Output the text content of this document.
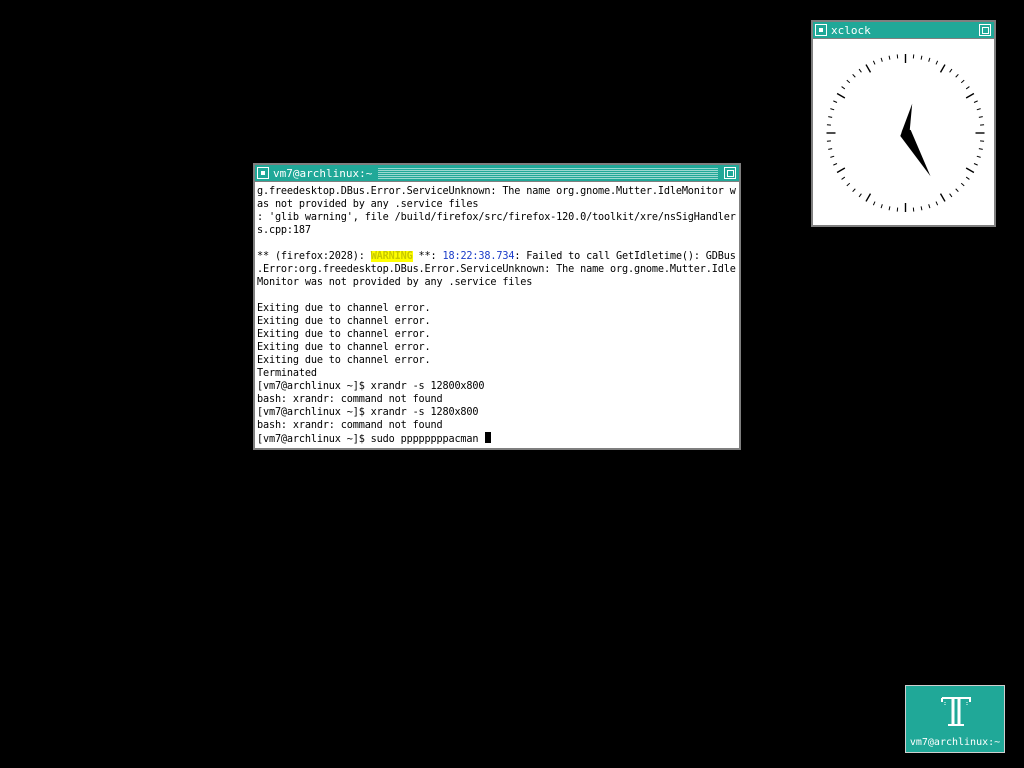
vm7@archlinux:~
g.freedesktop.DBus.Error.ServiceUnknown: The name org.gnome.Mutter.IdleMonitor w
as not provided by any .service files
: 'glib warning', file /build/firefox/src/firefox-120.0/toolkit/xre/nsSigHandler
s.cpp:187
** (firefox:2028): WARNING **: 18:22:38.734: Failed to call GetIdletime(): GDBus
.Error:org.freedesktop.DBus.Error.ServiceUnknown: The name org.gnome.Mutter.Idle
Monitor was not provided by any .service files
Exiting due to channel error.
Exiting due to channel error.
Exiting due to channel error.
Exiting due to channel error.
Exiting due to channel error.
Terminated
[vm7@archlinux ~]$ xrandr -s 12800x800
bash: xrandr: command not found
[vm7@archlinux ~]$ xrandr -s 1280x800
bash: xrandr: command not found
[vm7@archlinux ~]$ sudo ppppppppacman
xclock
vm7@archlinux:~
